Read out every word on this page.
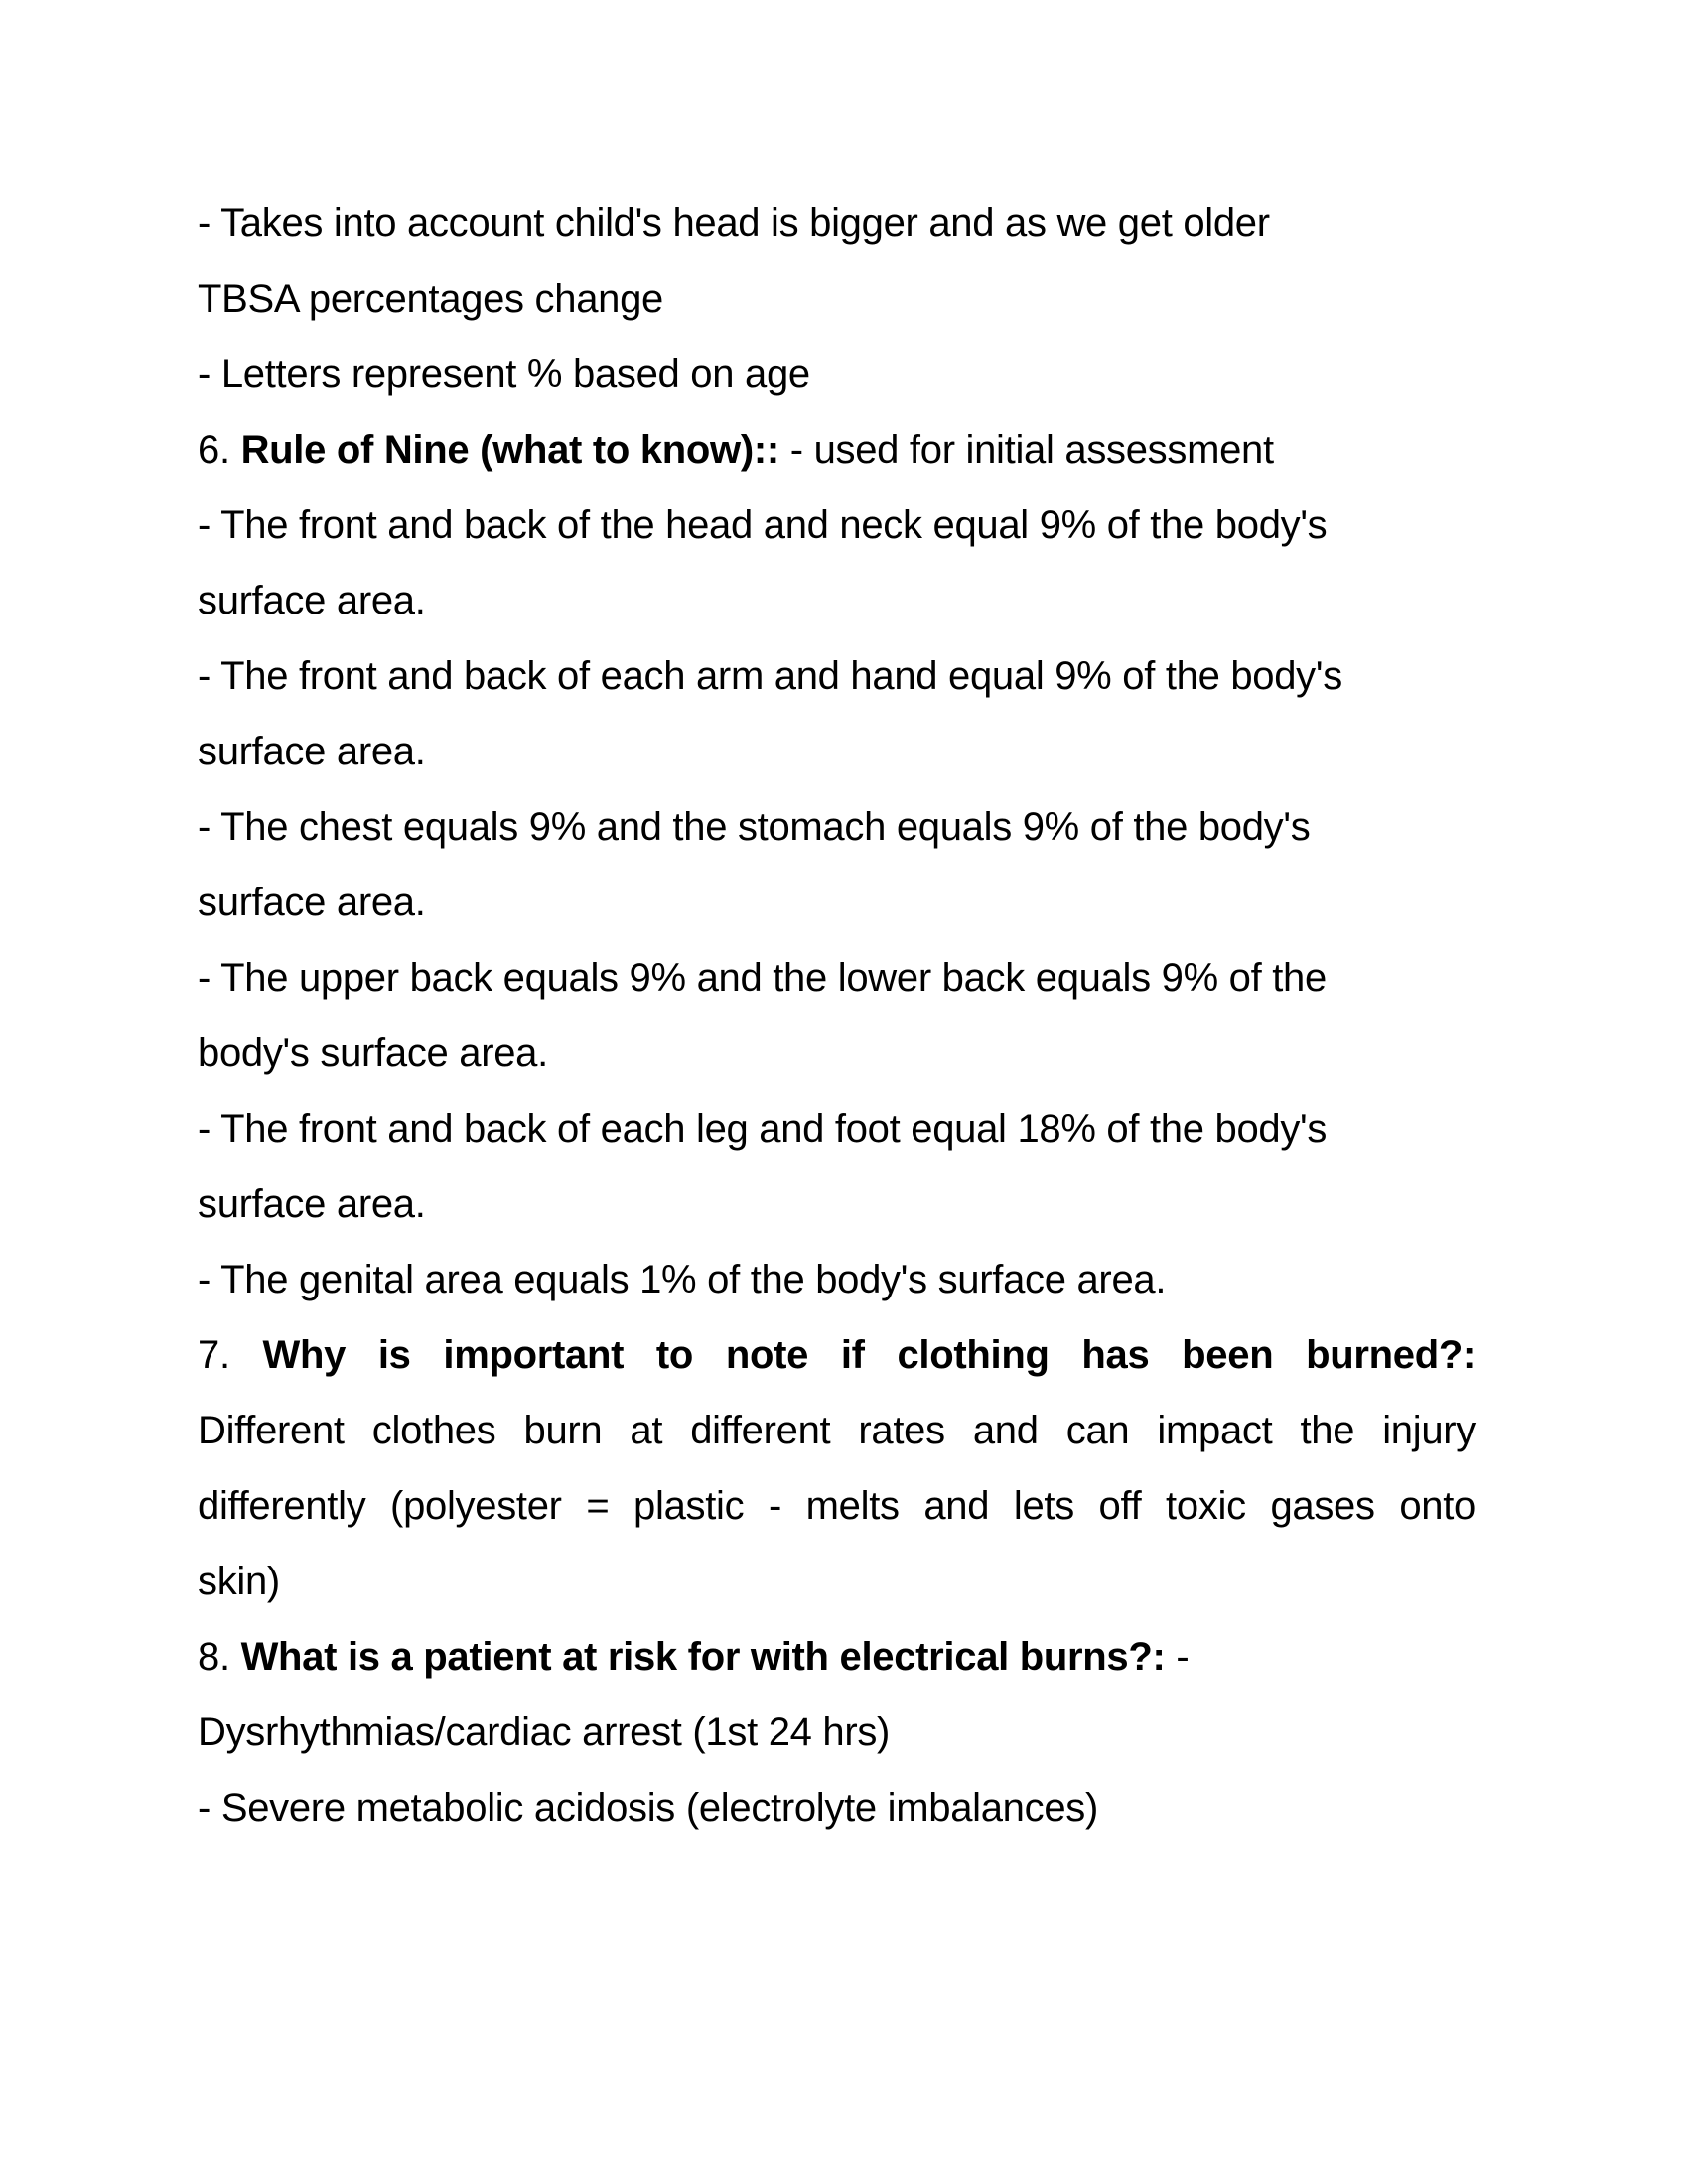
- Takes into account child's head is bigger and as we get older
TBSA percentages change
- Letters represent % based on age
6. Rule of Nine (what to know):: - used for initial assessment
- The front and back of the head and neck equal 9% of the body's
surface area.
- The front and back of each arm and hand equal 9% of the body's
surface area.
- The chest equals 9% and the stomach equals 9% of the body's
surface area.
- The upper back equals 9% and the lower back equals 9% of the
body's surface area.
- The front and back of each leg and foot equal 18% of the body's
surface area.
- The genital area equals 1% of the body's surface area.
7. Why is important to note if clothing has been burned?:
Different clothes burn at different rates and can impact the injury
differently (polyester = plastic - melts and lets off toxic gases onto
skin)
8. What is a patient at risk for with electrical burns?: -
Dysrhythmias/cardiac arrest (1st 24 hrs)
- Severe metabolic acidosis (electrolyte imbalances)
